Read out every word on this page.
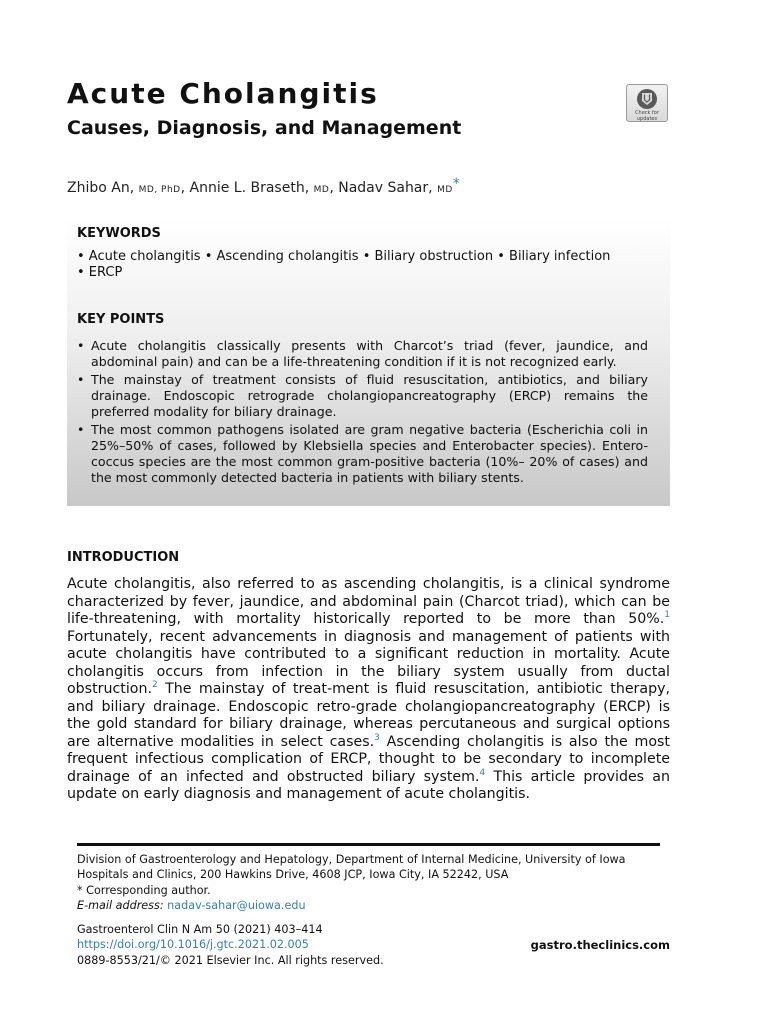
Acute Cholangitis
Causes, Diagnosis, and Management
Check for
updates
Zhibo An, MD, PhD, Annie L. Braseth, MD, Nadav Sahar, MD*
KEYWORDS
• Acute cholangitis • Ascending cholangitis • Biliary obstruction • Biliary infection
• ERCP
KEY POINTS
• Acute cholangitis classically presents with Charcot’s triad (fever, jaundice, and abdominal pain) and can be a life-threatening condition if it is not recognized early.
• The mainstay of treatment consists of fluid resuscitation, antibiotics, and biliary drainage. Endoscopic retrograde cholangiopancreatography (ERCP) remains the preferred modality for biliary drainage.
• The most common pathogens isolated are gram negative bacteria (Escherichia coli in 25%–50% of cases, followed by Klebsiella species and Enterobacter species). Entero-coccus species are the most common gram-positive bacteria (10%– 20% of cases) and the most commonly detected bacteria in patients with biliary stents.
INTRODUCTION
Acute cholangitis, also referred to as ascending cholangitis, is a clinical syndrome characterized by fever, jaundice, and abdominal pain (Charcot triad), which can be life-threatening, with mortality historically reported to be more than 50%.$^1$ Fortunately, recent advancements in diagnosis and management of patients with acute cholangitis have contributed to a significant reduction in mortality. Acute cholangitis occurs from infection in the biliary system usually from ductal obstruction.$^2$ The mainstay of treat-ment is fluid resuscitation, antibiotic therapy, and biliary drainage. Endoscopic retro-grade cholangiopancreatography (ERCP) is the gold standard for biliary drainage, whereas percutaneous and surgical options are alternative modalities in select cases.$^3$ Ascending cholangitis is also the most frequent infectious complication of ERCP, thought to be secondary to incomplete drainage of an infected and obstructed biliary system.$^4$ This article provides an update on early diagnosis and management of acute cholangitis.
Division of Gastroenterology and Hepatology, Department of Internal Medicine, University of Iowa Hospitals and Clinics, 200 Hawkins Drive, 4608 JCP, Iowa City, IA 52242, USA
* Corresponding author.
E-mail address: nadav-sahar@uiowa.edu
Gastroenterol Clin N Am 50 (2021) 403–414
https://doi.org/10.1016/j.gtc.2021.02.005
0889-8553/21/© 2021 Elsevier Inc. All rights reserved.
gastro.theclinics.com
